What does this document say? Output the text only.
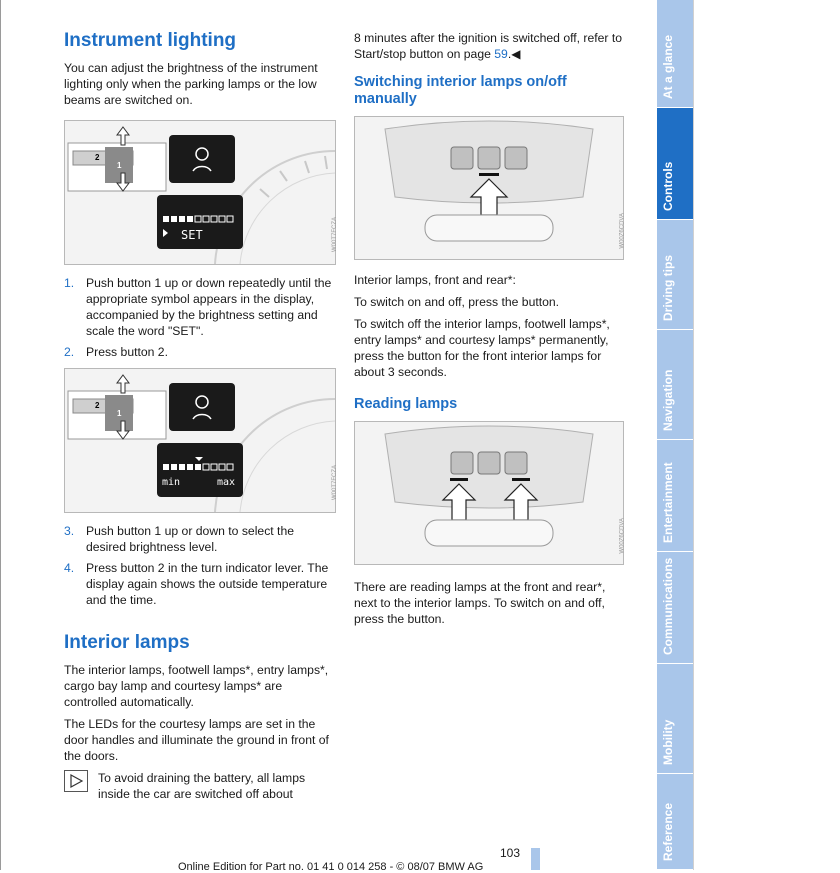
Instrument lighting

You can adjust the brightness of the instrument lighting only when the parking lamps or the low beams are switched on.

1
2
SET	W00T7FCZA
1. Push button 1 up or down repeatedly until the appropriate symbol appears in the display, accompanied by the brightness setting and scale the word "SET".
2. Press button 2.
1
2
min	max	W00T7FCZA
3. Push button 1 up or down to select the desired brightness level.
4. Press button 2 in the turn indicator lever. The display again shows the outside temperature and the time.
Interior lamps

The interior lamps, footwell lamps*, entry lamps*, cargo bay lamp and courtesy lamps* are controlled automatically.

The LEDs for the courtesy lamps are set in the door handles and illuminate the ground in front of the doors.

To avoid draining the battery, all lamps inside the car are switched off about

8 minutes after the ignition is switched off, refer to Start/stop button on page 59.◀

Switching interior lamps on/off manually
W00Z6CDVA

Interior lamps, front and rear*:

To switch on and off, press the button.

To switch off the interior lamps, footwell lamps*, entry lamps* and courtesy lamps* permanently, press the button for the front interior lamps for about 3 seconds.

Reading lamps
W00Z6CDVA

There are reading lamps at the front and rear*, next to the interior lamps. To switch on and off, press the button.

At a glance
Controls
Driving tips
Navigation
Entertainment
Communications
Mobility
Reference
103
Online Edition for Part no. 01 41 0 014 258 - © 08/07 BMW AG
